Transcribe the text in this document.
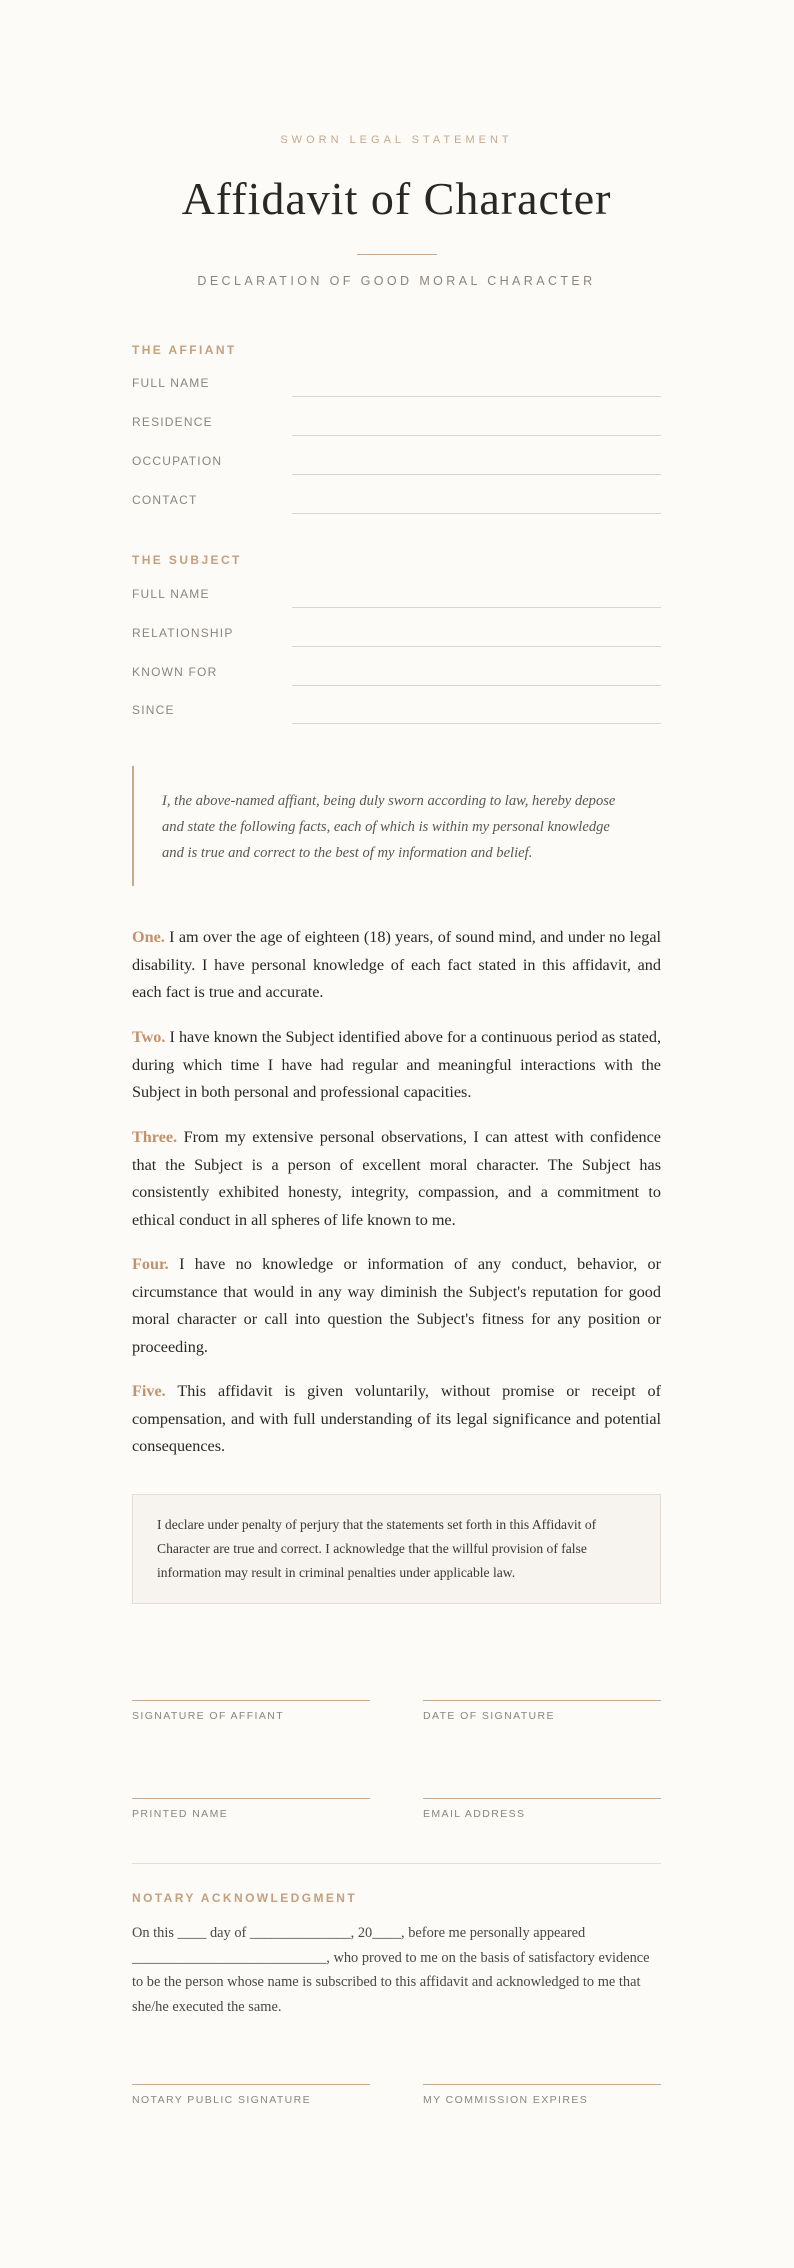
SWORN LEGAL STATEMENT
Affidavit of Character
DECLARATION OF GOOD MORAL CHARACTER
THE AFFIANT
FULL NAME
RESIDENCE
OCCUPATION
CONTACT
THE SUBJECT
FULL NAME
RELATIONSHIP
KNOWN FOR
SINCE
I, the above-named affiant, being duly sworn according to law, hereby depose and state the following facts, each of which is within my personal knowledge and is true and correct to the best of my information and belief.

One. I am over the age of eighteen (18) years, of sound mind, and under no legal disability. I have personal knowledge of each fact stated in this affidavit, and each fact is true and accurate.

Two. I have known the Subject identified above for a continuous period as stated, during which time I have had regular and meaningful interactions with the Subject in both personal and professional capacities.

Three. From my extensive personal observations, I can attest with confidence that the Subject is a person of excellent moral character. The Subject has consistently exhibited honesty, integrity, compassion, and a commitment to ethical conduct in all spheres of life known to me.

Four. I have no knowledge or information of any conduct, behavior, or circumstance that would in any way diminish the Subject's reputation for good moral character or call into question the Subject's fitness for any position or proceeding.

Five. This affidavit is given voluntarily, without promise or receipt of compensation, and with full understanding of its legal significance and potential consequences.

I declare under penalty of perjury that the statements set forth in this Affidavit of Character are true and correct. I acknowledge that the willful provision of false information may result in criminal penalties under applicable law.
SIGNATURE OF AFFIANT	DATE OF SIGNATURE
PRINTED NAME	EMAIL ADDRESS
NOTARY ACKNOWLEDGMENT

On this ____ day of ______________, 20____, before me personally appeared ___________________________, who proved to me on the basis of satisfactory evidence to be the person whose name is subscribed to this affidavit and acknowledged to me that she/he executed the same.

NOTARY PUBLIC SIGNATURE	MY COMMISSION EXPIRES
